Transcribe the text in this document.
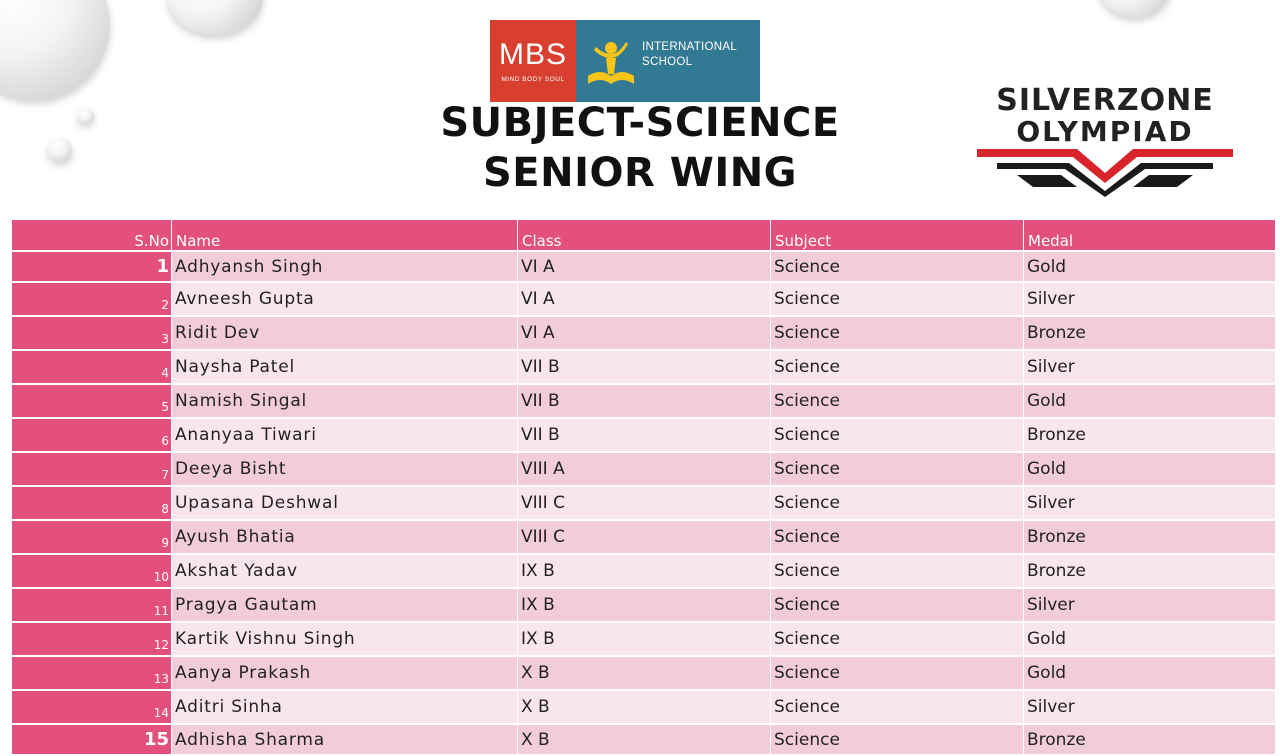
MBS
MIND BODY SOUL
INTERNATIONAL
SCHOOL
SUBJECT-SCIENCE
SENIOR WING
SILVERZONE
OLYMPIAD
S.No	Name	Class	Subject	Medal
1	Adhyansh Singh	VI A	Science	Gold
2	Avneesh Gupta	VI A	Science	Silver
3	Ridit Dev	VI A	Science	Bronze
4	Naysha Patel	VII B	Science	Silver
5	Namish Singal	VII B	Science	Gold
6	Ananyaa Tiwari	VII B	Science	Bronze
7	Deeya Bisht	VIII A	Science	Gold
8	Upasana Deshwal	VIII C	Science	Silver
9	Ayush Bhatia	VIII C	Science	Bronze
10	Akshat Yadav	IX B	Science	Bronze
11	Pragya Gautam	IX B	Science	Silver
12	Kartik Vishnu Singh	IX B	Science	Gold
13	Aanya Prakash	X B	Science	Gold
14	Aditri Sinha	X B	Science	Silver
15	Adhisha Sharma	X B	Science	Bronze
